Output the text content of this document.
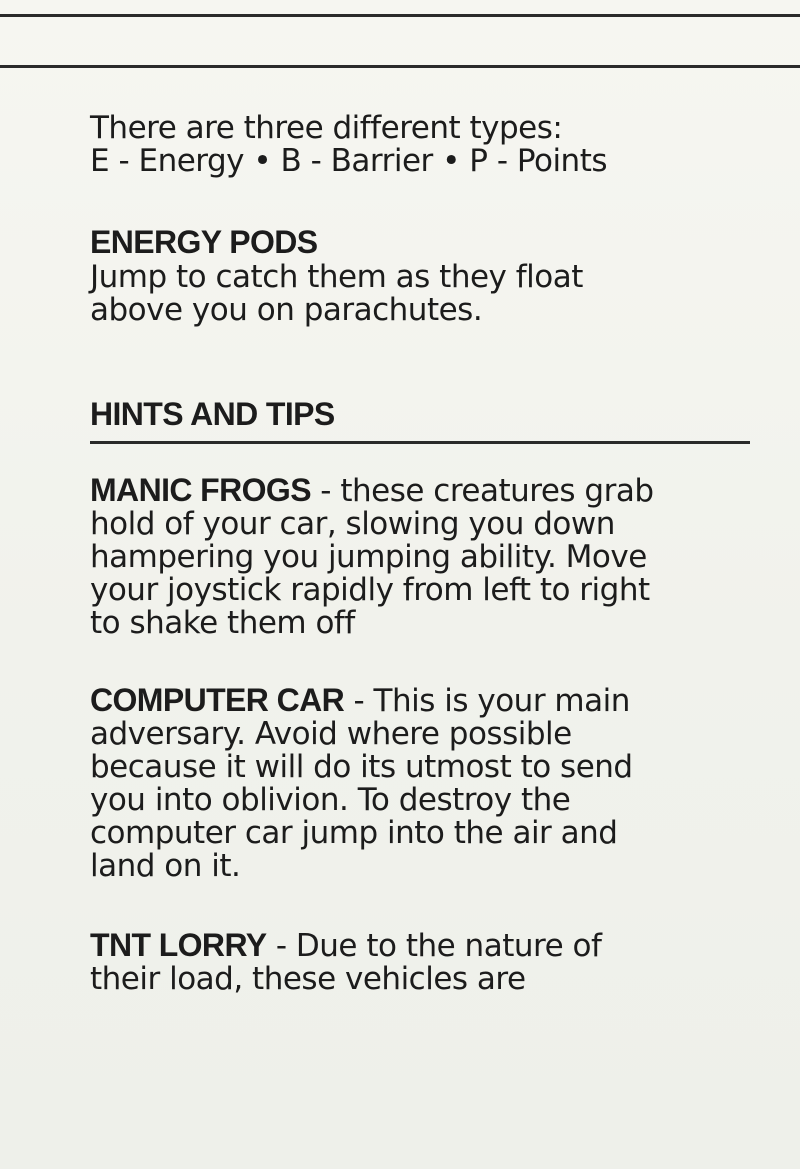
There are three different types:
E - Energy • B - Barrier • P - Points
ENERGY PODS
Jump to catch them as they float
above you on parachutes.
HINTS AND TIPS
MANIC FROGS - these creatures grab
hold of your car, slowing you down
hampering you jumping ability. Move
your joystick rapidly from left to right
to shake them off
COMPUTER CAR - This is your main
adversary. Avoid where possible
because it will do its utmost to send
you into oblivion. To destroy the
computer car jump into the air and
land on it.
TNT LORRY - Due to the nature of
their load, these vehicles are
